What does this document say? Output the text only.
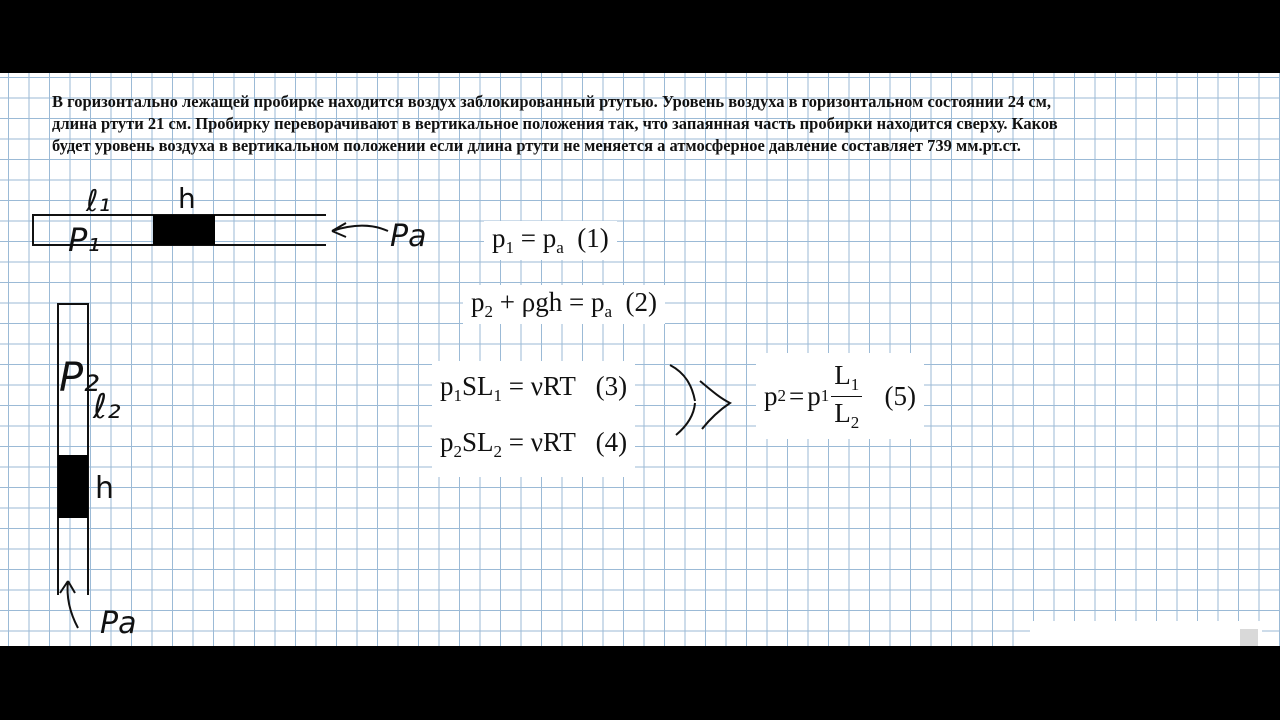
В горизонтально лежащей пробирке находится воздух заблокированный ртутью. Уровень воздуха в горизонтальном состоянии 24 см,
длина ртути 21 см. Пробирку переворачивают в вертикальное положения так, что запаянная часть пробирки находится сверху. Каков
будет уровень воздуха в вертикальном положении если длина ртути не меняется а атмосферное давление составляет 739 мм.рт.ст.
ℓ₁ h
P₁	Pa
P₂
ℓ₂
h
Pa
$p_1 = p_a$ (1)
$p_2 + \rho gh = p_a$ (2)
$p_1SL_1 = \nu RT$ (3)
$p_2SL_2 = \nu RT$ (4)
p 2 = p $1 \frac{L_1}{L_2}$
(5)
